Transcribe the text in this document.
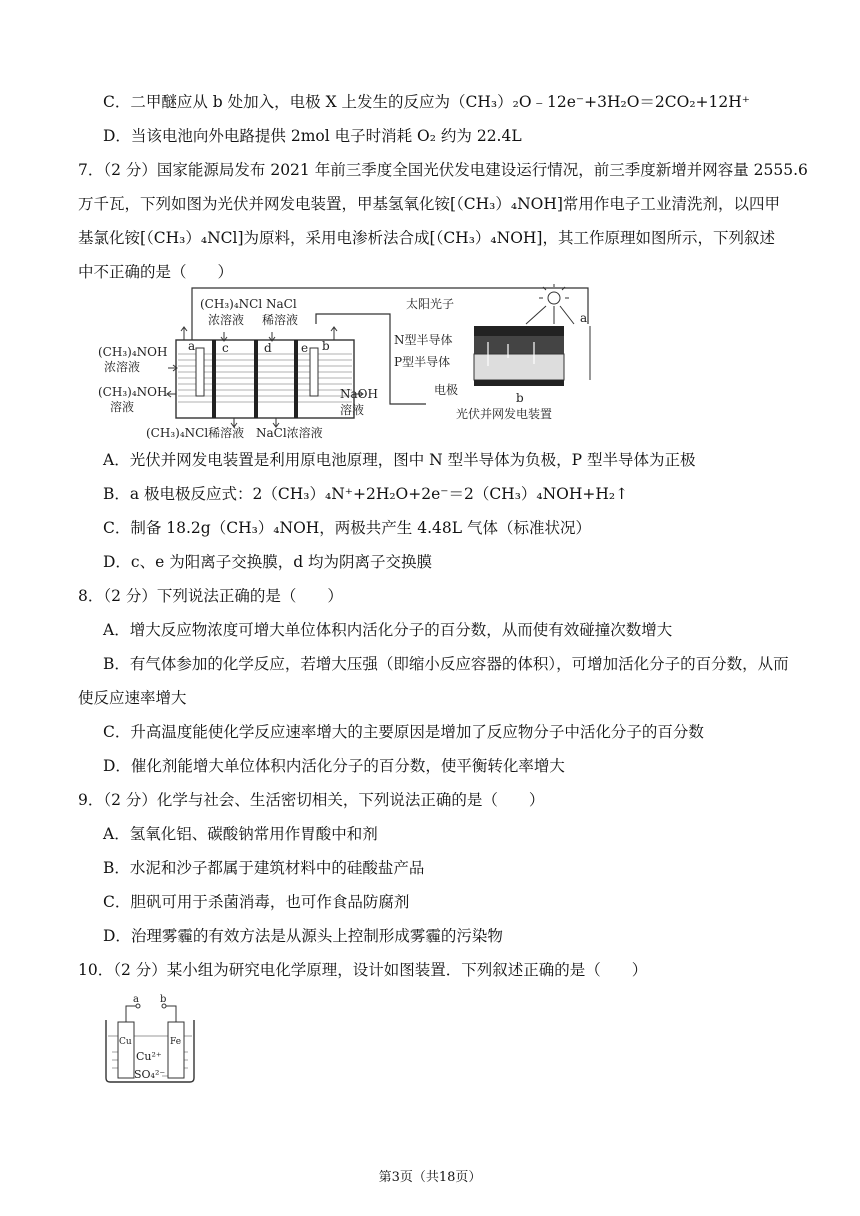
C．二甲醚应从 b 处加入，电极 X 上发生的反应为（CH₃）₂O﹣12e⁻+3H₂O＝2CO₂+12H⁺
D．当该电池向外电路提供 2mol 电子时消耗 O₂ 约为 22.4L
7．（2 分）国家能源局发布 2021 年前三季度全国光伏发电建设运行情况，前三季度新增并网容量 2555.6
万千瓦，下列如图为光伏并网发电装置，甲基氢氧化铵[（CH₃）₄NOH]常用作电子工业清洗剂，以四甲
基氯化铵[（CH₃）₄NCl]为原料，采用电渗析法合成[（CH₃）₄NOH]，其工作原理如图所示，下列叙述
中不正确的是（　　）
a c	d e b
(CH₃)₄NCl
浓溶液
NaCl
稀溶液
(CH₃)₄NOH
浓溶液
(CH₃)₄NOH
溶液
NaOH
溶液
(CH₃)₄NCl稀溶液 NaCl浓溶液
太阳光子
a
b
N型半导体
P型半导体
电极
光伏并网发电装置
A．光伏并网发电装置是利用原电池原理，图中 N 型半导体为负极，P 型半导体为正极
B．a 极电极反应式：2（CH₃）₄N⁺+2H₂O+2e⁻＝2（CH₃）₄NOH+H₂↑
C．制备 18.2g（CH₃）₄NOH，两极共产生 4.48L 气体（标准状况）
D．c、e 为阳离子交换膜，d 均为阴离子交换膜
8．（2 分）下列说法正确的是（　　）
A．增大反应物浓度可增大单位体积内活化分子的百分数，从而使有效碰撞次数增大
B．有气体参加的化学反应，若增大压强（即缩小反应容器的体积），可增加活化分子的百分数，从而
使反应速率增大
C．升高温度能使化学反应速率增大的主要原因是增加了反应物分子中活化分子的百分数
D．催化剂能增大单位体积内活化分子的百分数，使平衡转化率增大
9．（2 分）化学与社会、生活密切相关，下列说法正确的是（　　）
A．氢氧化铝、碳酸钠常用作胃酸中和剂
B．水泥和沙子都属于建筑材料中的硅酸盐产品
C．胆矾可用于杀菌消毒，也可作食品防腐剂
D．治理雾霾的有效方法是从源头上控制形成雾霾的污染物
10．（2 分）某小组为研究电化学原理，设计如图装置．下列叙述正确的是（　　）
a b
Cu	Fe
Cu²⁺
SO₄²⁻
第3页（共18页）
